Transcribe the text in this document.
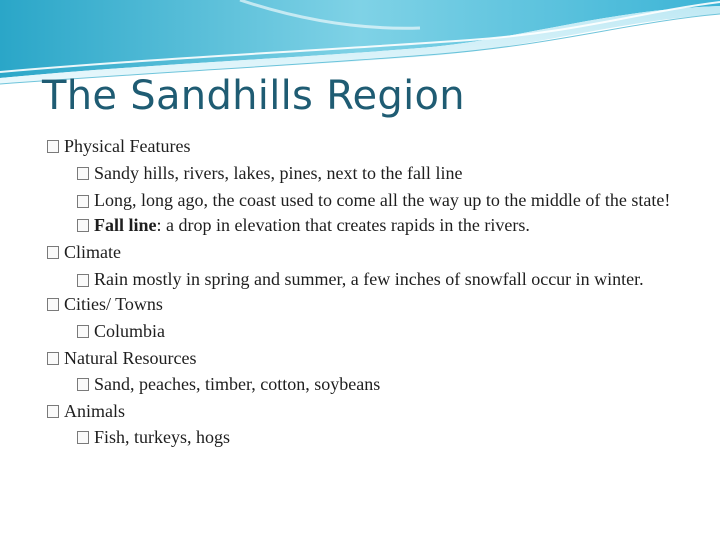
The Sandhills Region
Physical Features
Sandy hills, rivers, lakes, pines, next to the fall line
Long, long ago, the coast used to come all the way up to the middle of the state!
Fall line: a drop in elevation that creates rapids in the rivers.
Climate
Rain mostly in spring and summer, a few inches of snowfall occur in winter.
Cities/ Towns
Columbia
Natural Resources
Sand, peaches, timber, cotton, soybeans
Animals
Fish, turkeys, hogs
